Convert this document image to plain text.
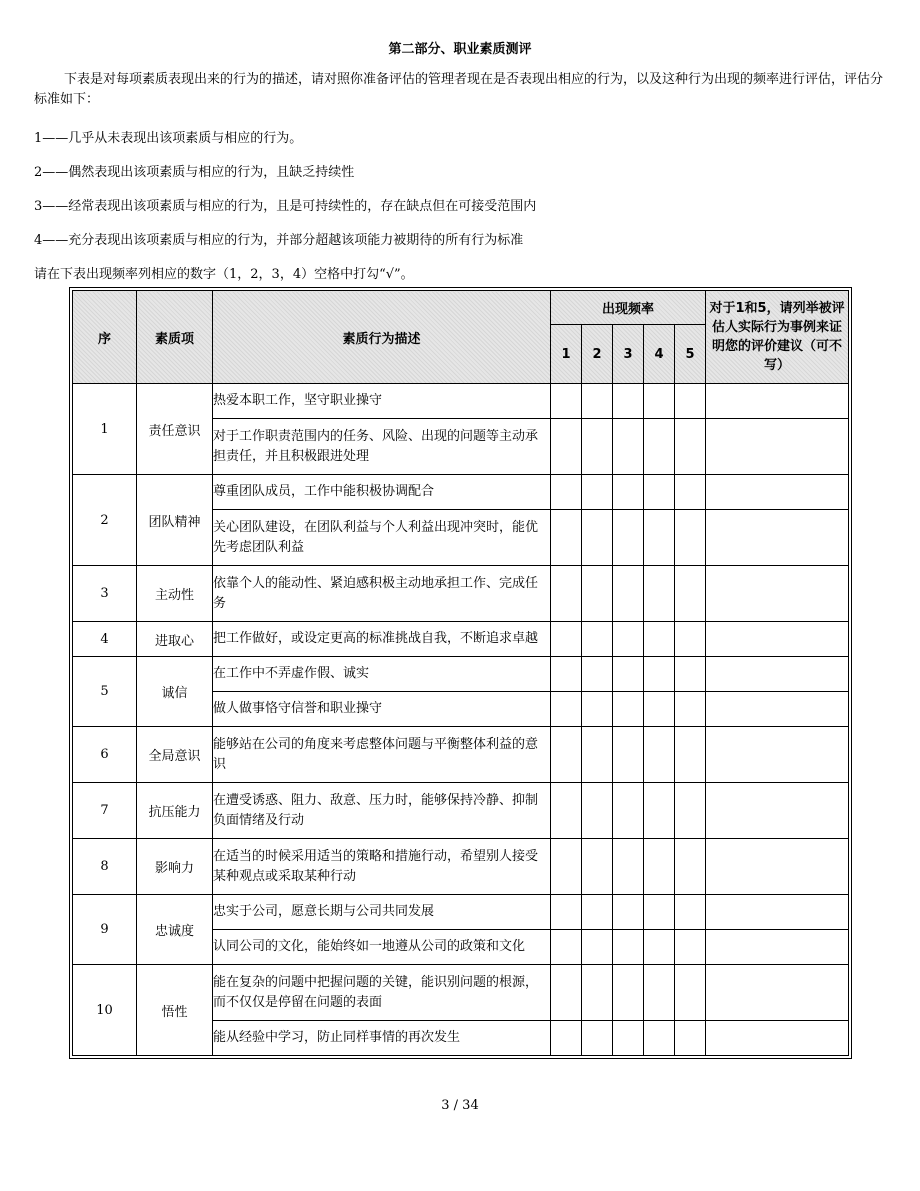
第二部分、职业素质测评

下表是对每项素质表现出来的行为的描述，请对照你准备评估的管理者现在是否表现出相应的行为，以及这种行为出现的频率进行评估，评估分标准如下：

1——几乎从未表现出该项素质与相应的行为。

2——偶然表现出该项素质与相应的行为，且缺乏持续性

3——经常表现出该项素质与相应的行为，且是可持续性的，存在缺点但在可接受范围内

4——充分表现出该项素质与相应的行为，并部分超越该项能力被期待的所有行为标准

请在下表出现频率列相应的数字（1，2，3，4）空格中打勾“√”。

序	素质项	素质行为描述	出现频率					对于1和5，请列举被评估人实际行为事例来证明您的评价建议（可不写）
			1	2	3	4	5	
1	责任意识	热爱本职工作，坚守职业操守						
		对于工作职责范围内的任务、风险、出现的问题等主动承担责任，并且积极跟进处理						
2	团队精神	尊重团队成员，工作中能积极协调配合						
		关心团队建设，在团队利益与个人利益出现冲突时，能优先考虑团队利益						
3	主动性	依靠个人的能动性、紧迫感积极主动地承担工作、完成任务						
4	进取心	把工作做好，或设定更高的标准挑战自我，不断追求卓越						
5	诚信	在工作中不弄虚作假、诚实						
		做人做事恪守信誉和职业操守						
6	全局意识	能够站在公司的角度来考虑整体问题与平衡整体利益的意识						
7	抗压能力	在遭受诱惑、阻力、敌意、压力时，能够保持冷静、抑制负面情绪及行动						
8	影响力	在适当的时候采用适当的策略和措施行动，希望别人接受某种观点或采取某种行动						
9	忠诚度	忠实于公司，愿意长期与公司共同发展						
		认同公司的文化，能始终如一地遵从公司的政策和文化						
10	悟性	能在复杂的问题中把握问题的关键，能识别问题的根源，而不仅仅是停留在问题的表面						
		能从经验中学习，防止同样事情的再次发生						
3 / 34
